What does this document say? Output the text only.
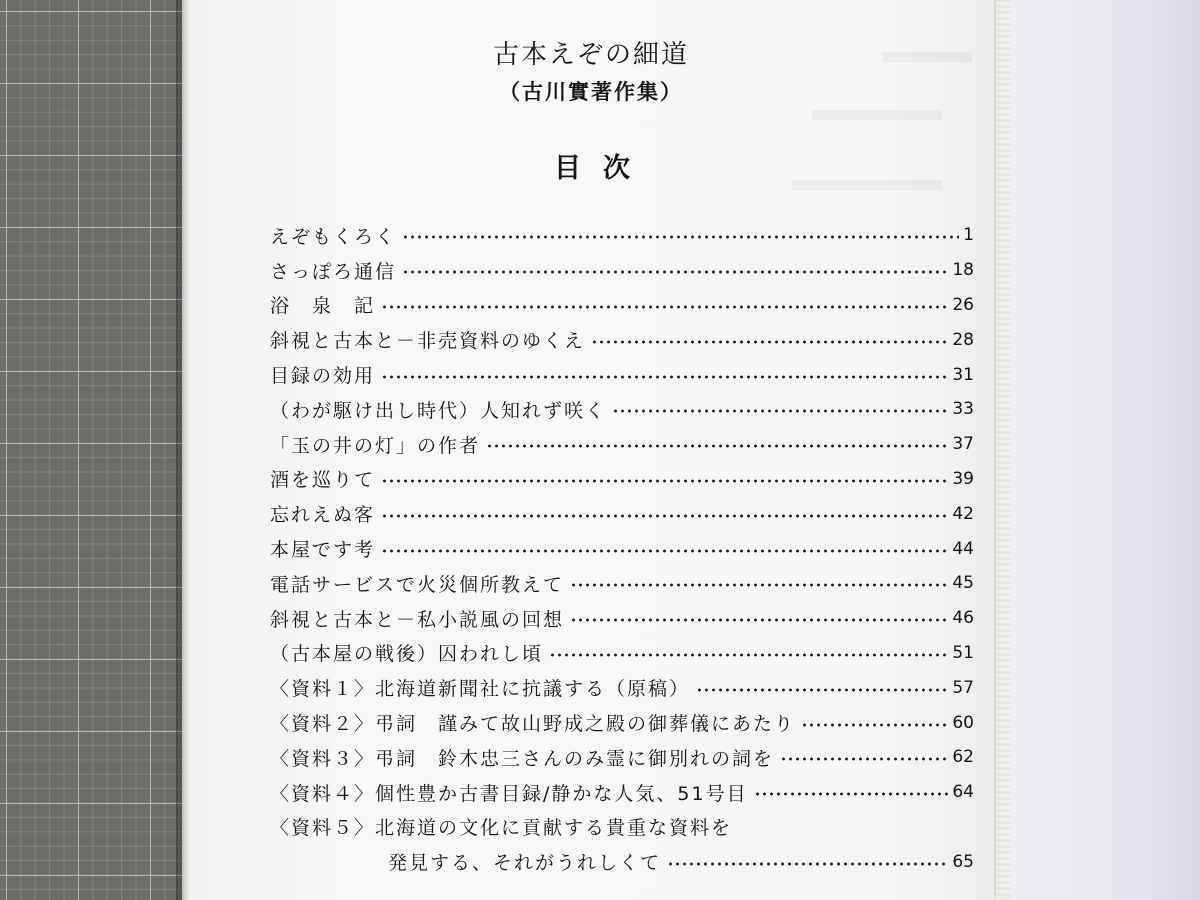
古本えぞの細道
（古川實著作集）
目次
えぞもくろく	1
さっぽろ通信	18
浴　泉　記	26
斜視と古本と－非売資料のゆくえ	28
目録の効用	31
（わが駆け出し時代）人知れず咲く	33
「玉の井の灯」の作者	37
酒を巡りて	39
忘れえぬ客	42
本屋です考	44
電話サービスで火災個所教えて	45
斜視と古本と－私小説風の回想	46
（古本屋の戦後）囚われし頃	51
〈資料１〉北海道新聞社に抗議する（原稿）	57
〈資料２〉弔詞　謹みて故山野成之殿の御葬儀にあたり	60
〈資料３〉弔詞　鈴木忠三さんのみ霊に御別れの詞を	62
〈資料４〉個性豊か古書目録/静かな人気、51号目	64
〈資料５〉北海道の文化に貢献する貴重な資料を
発見する、それがうれしくて	65
